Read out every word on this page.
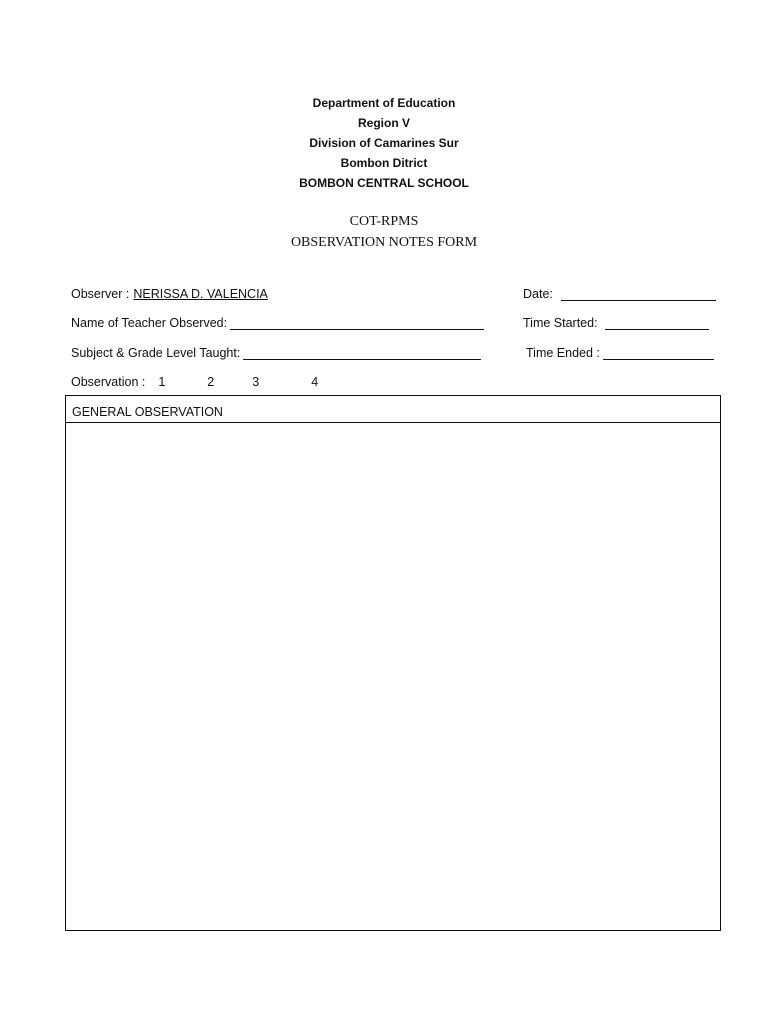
Department of Education
Region V
Division of Camarines Sur
Bombon Ditrict
BOMBON CENTRAL SCHOOL
COT-RPMS
OBSERVATION NOTES FORM
Observer : NERISSA D. VALENCIA	Date:
Name of Teacher Observed:	Time Started:
Subject & Grade Level Taught:	Time Ended :
Observation : 1	2	3	4
GENERAL OBSERVATION
